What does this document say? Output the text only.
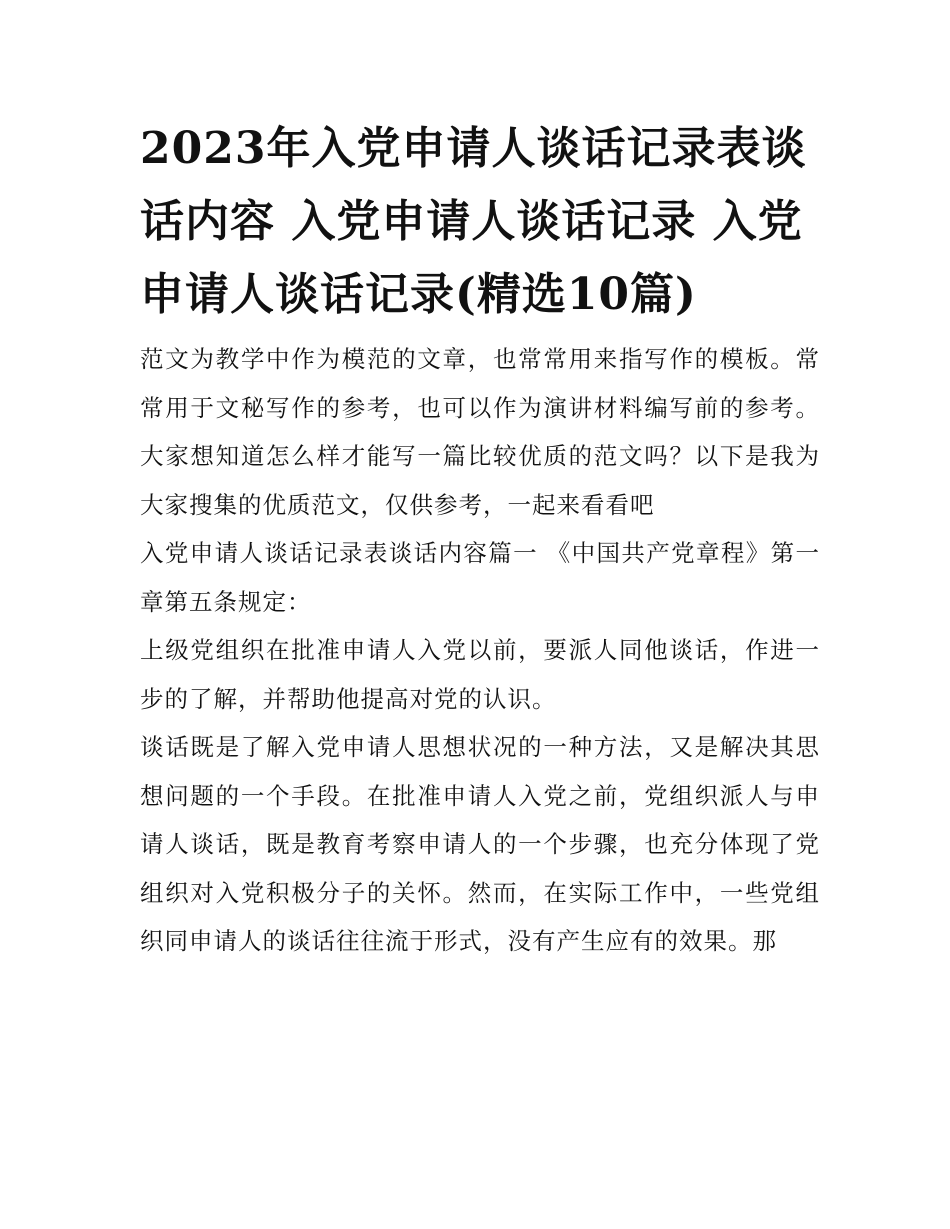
2023年入党申请人谈话记录表谈话内容 入党申请人谈话记录 入党申请人谈话记录(精选10篇)

范文为教学中作为模范的文章，也常常用来指写作的模板。常常用于文秘写作的参考，也可以作为演讲材料编写前的参考。大家想知道怎么样才能写一篇比较优质的范文吗？以下是我为大家搜集的优质范文，仅供参考，一起来看看吧

入党申请人谈话记录表谈话内容篇一 《中国共产党章程》第一章第五条规定：

上级党组织在批准申请人入党以前，要派人同他谈话，作进一步的了解，并帮助他提高对党的认识。

谈话既是了解入党申请人思想状况的一种方法，又是解决其思想问题的一个手段。在批准申请人入党之前，党组织派人与申请人谈话，既是教育考察申请人的一个步骤，也充分体现了党组织对入党积极分子的关怀。然而，在实际工作中，一些党组织同申请人的谈话往往流于形式，没有产生应有的效果。那
